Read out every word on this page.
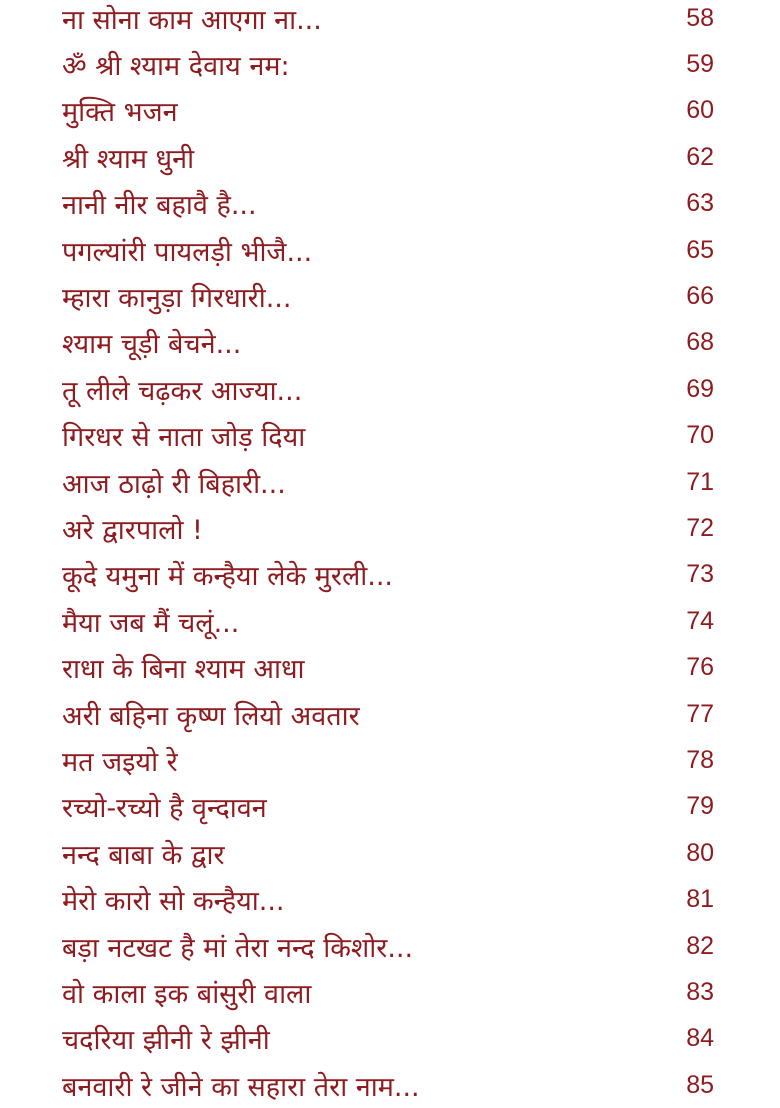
ना सोना काम आएगा ना...	58
ॐ श्री श्याम देवाय नम:	59
मुक्ति भजन	60
श्री श्याम धुनी	62
नानी नीर बहावै है...	63
पगल्यांरी पायलड़ी भीजै...	65
म्हारा कानुड़ा गिरधारी...	66
श्याम चूड़ी बेचने...	68
तू लीले चढ़कर आज्या...	69
गिरधर से नाता जोड़ दिया	70
आज ठाढ़ो री बिहारी...	71
अरे द्वारपालो !	72
कूदे यमुना में कन्हैया लेके मुरली...	73
मैया जब मैं चलूं...	74
राधा के बिना श्याम आधा	76
अरी बहिना कृष्ण लियो अवतार	77
मत जइयो रे	78
रच्यो-रच्यो है वृन्दावन	79
नन्द बाबा के द्वार	80
मेरो कारो सो कन्हैया...	81
बड़ा नटखट है मां तेरा नन्द किशोर...	82
वो काला इक बांसुरी वाला	83
चदरिया झीनी रे झीनी	84
बनवारी रे जीने का सहारा तेरा नाम...	85
